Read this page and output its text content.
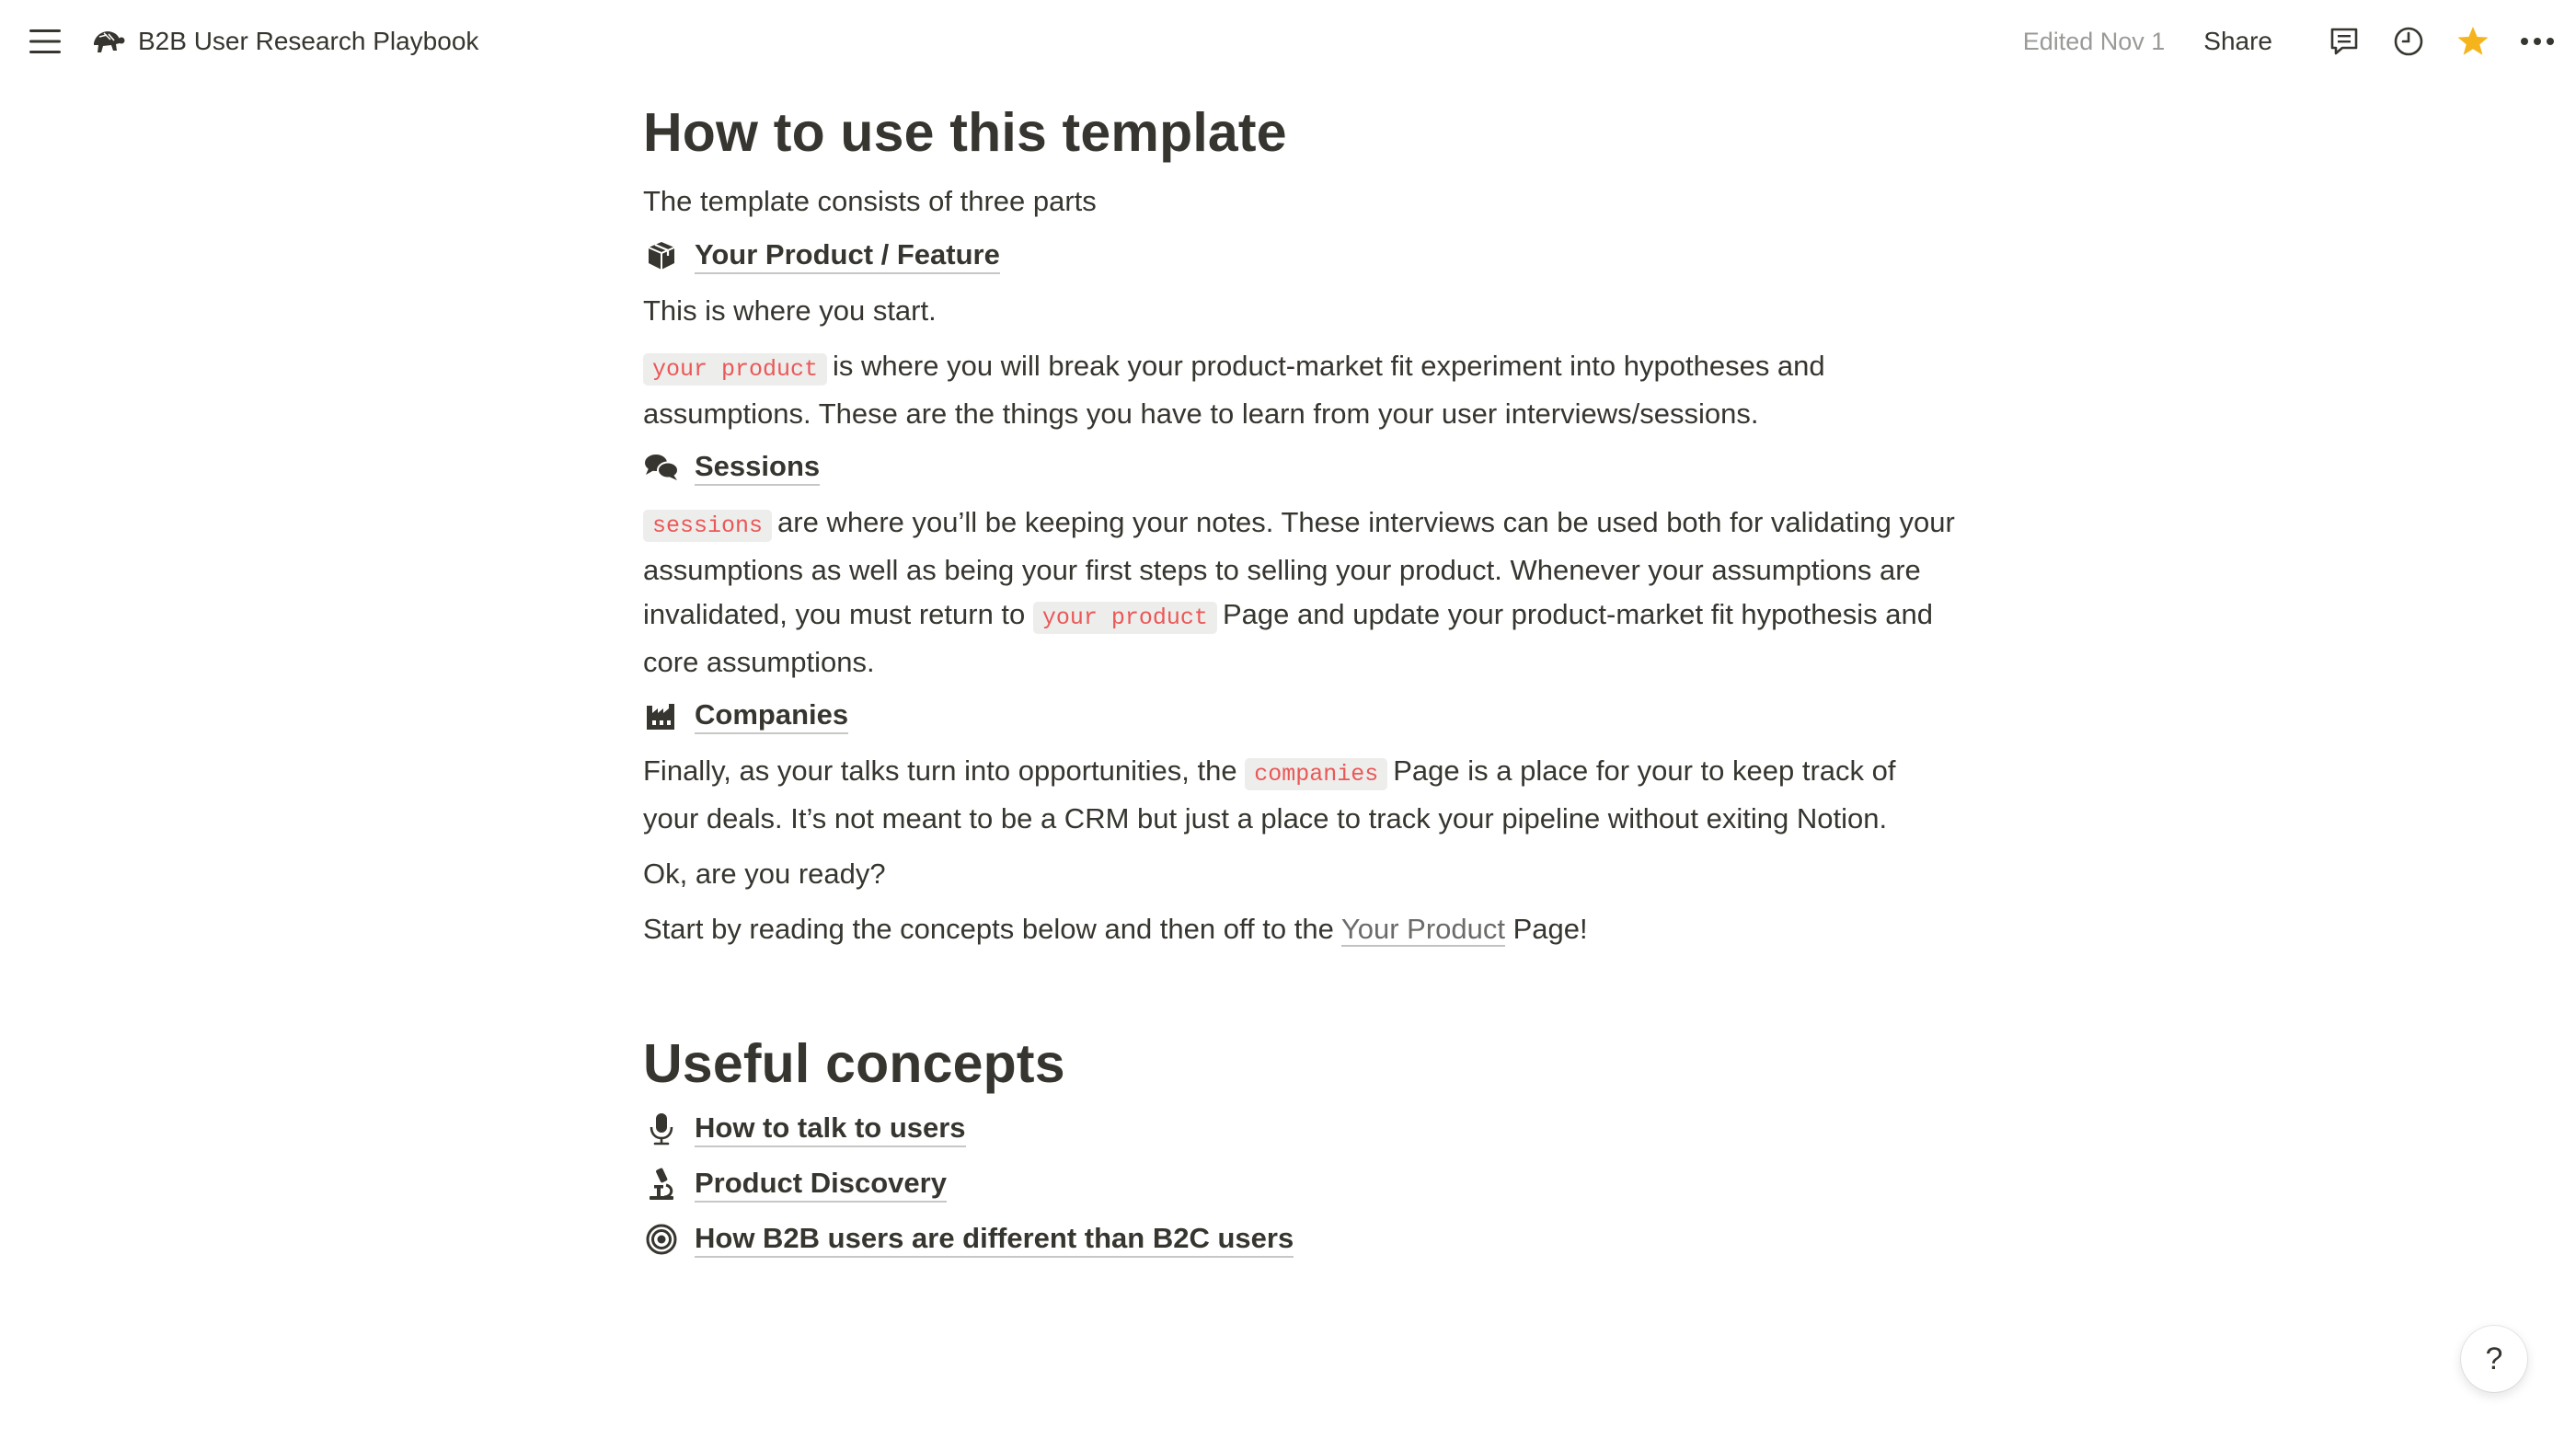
B2B User Research Playbook	Edited Nov 1 Share
How to use this template

The template consists of three parts

Your Product / Feature

This is where you start.

your product is where you will break your product-market fit experiment into hypotheses and assumptions. These are the things you have to learn from your user interviews/sessions.

Sessions

sessions are where you’ll be keeping your notes. These interviews can be used both for validating your assumptions as well as being your first steps to selling your product. Whenever your assumptions are invalidated, you must return to your product Page and update your product-market fit hypothesis and core assumptions.

Companies

Finally, as your talks turn into opportunities, the companies Page is a place for your to keep track of your deals. It’s not meant to be a CRM but just a place to track your pipeline without exiting Notion.

Ok, are you ready?

Start by reading the concepts below and then off to the Your Product Page!

Useful concepts
How to talk to users
Product Discovery
How B2B users are different than B2C users
?
